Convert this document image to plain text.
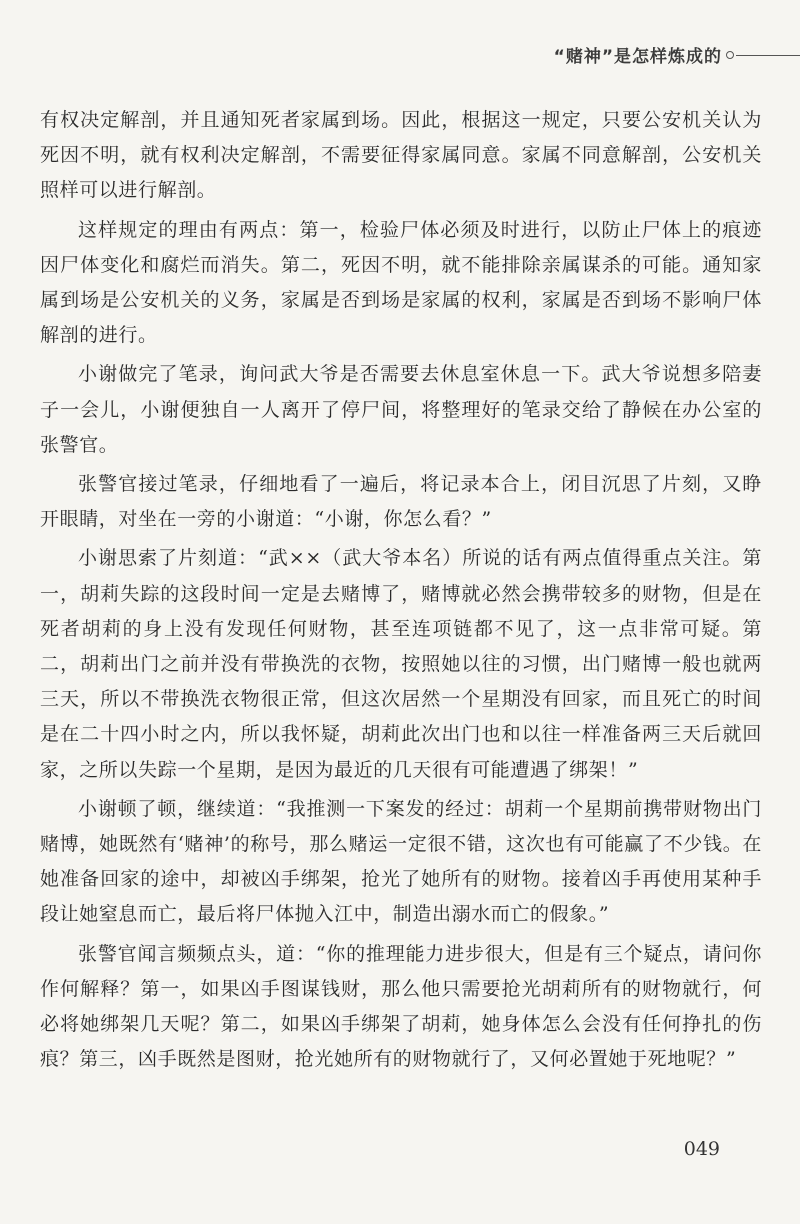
“赌神”是怎样炼成的

有权决定解剖，并且通知死者家属到场。因此，根据这一规定，只要公安机关认为死因不明，就有权利决定解剖，不需要征得家属同意。家属不同意解剖，公安机关照样可以进行解剖。

这样规定的理由有两点：第一，检验尸体必须及时进行，以防止尸体上的痕迹因尸体变化和腐烂而消失。第二，死因不明，就不能排除亲属谋杀的可能。通知家属到场是公安机关的义务，家属是否到场是家属的权利，家属是否到场不影响尸体解剖的进行。

小谢做完了笔录，询问武大爷是否需要去休息室休息一下。武大爷说想多陪妻子一会儿，小谢便独自一人离开了停尸间，将整理好的笔录交给了静候在办公室的张警官。

张警官接过笔录，仔细地看了一遍后，将记录本合上，闭目沉思了片刻，又睁开眼睛，对坐在一旁的小谢道：“小谢，你怎么看？”

小谢思索了片刻道：“武××（武大爷本名）所说的话有两点值得重点关注。第一，胡莉失踪的这段时间一定是去赌博了，赌博就必然会携带较多的财物，但是在死者胡莉的身上没有发现任何财物，甚至连项链都不见了，这一点非常可疑。第二，胡莉出门之前并没有带换洗的衣物，按照她以往的习惯，出门赌博一般也就两三天，所以不带换洗衣物很正常，但这次居然一个星期没有回家，而且死亡的时间是在二十四小时之内，所以我怀疑，胡莉此次出门也和以往一样准备两三天后就回家，之所以失踪一个星期，是因为最近的几天很有可能遭遇了绑架！”

小谢顿了顿，继续道：“我推测一下案发的经过：胡莉一个星期前携带财物出门赌博，她既然有‘赌神’的称号，那么赌运一定很不错，这次也有可能赢了不少钱。在她准备回家的途中，却被凶手绑架，抢光了她所有的财物。接着凶手再使用某种手段让她窒息而亡，最后将尸体抛入江中，制造出溺水而亡的假象。”

张警官闻言频频点头，道：“你的推理能力进步很大，但是有三个疑点，请问你作何解释？第一，如果凶手图谋钱财，那么他只需要抢光胡莉所有的财物就行，何必将她绑架几天呢？第二，如果凶手绑架了胡莉，她身体怎么会没有任何挣扎的伤痕？第三，凶手既然是图财，抢光她所有的财物就行了，又何必置她于死地呢？”

049
